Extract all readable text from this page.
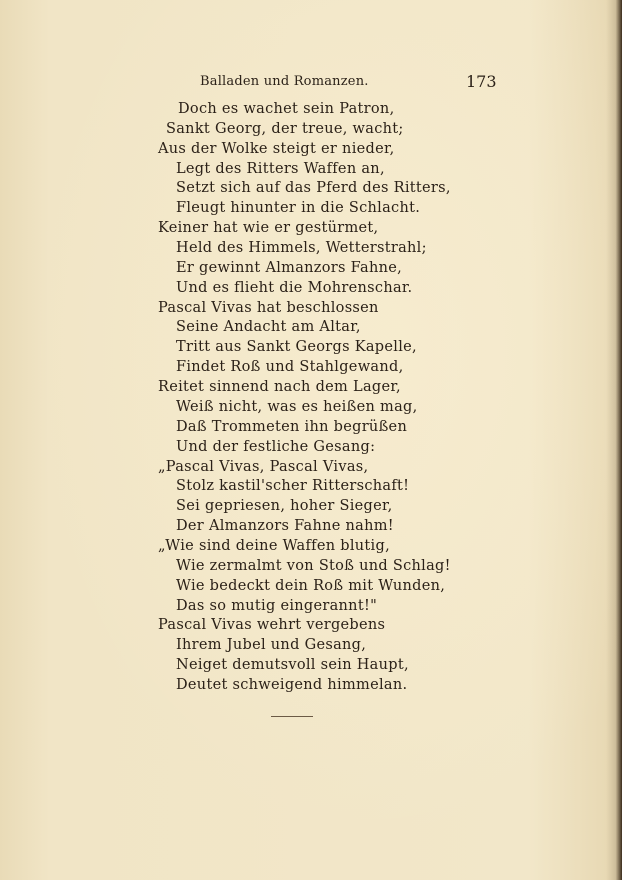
Balladen und Romanzen.	173
Doch es wachet sein Patron,
Sankt Georg, der treue, wacht;
Aus der Wolke steigt er nieder,
Legt des Ritters Waffen an,
Setzt sich auf das Pferd des Ritters,
Fleugt hinunter in die Schlacht.
Keiner hat wie er gestürmet,
Held des Himmels, Wetterstrahl;
Er gewinnt Almanzors Fahne,
Und es flieht die Mohrenschar.
Pascal Vivas hat beschlossen
Seine Andacht am Altar,
Tritt aus Sankt Georgs Kapelle,
Findet Roß und Stahlgewand,
Reitet sinnend nach dem Lager,
Weiß nicht, was es heißen mag,
Daß Trommeten ihn begrüßen
Und der festliche Gesang:
„Pascal Vivas, Pascal Vivas,
Stolz kastil'scher Ritterschaft!
Sei gepriesen, hoher Sieger,
Der Almanzors Fahne nahm!
„Wie sind deine Waffen blutig,
Wie zermalmt von Stoß und Schlag!
Wie bedeckt dein Roß mit Wunden,
Das so mutig eingerannt!"
Pascal Vivas wehrt vergebens
Ihrem Jubel und Gesang,
Neiget demutsvoll sein Haupt,
Deutet schweigend himmelan.
